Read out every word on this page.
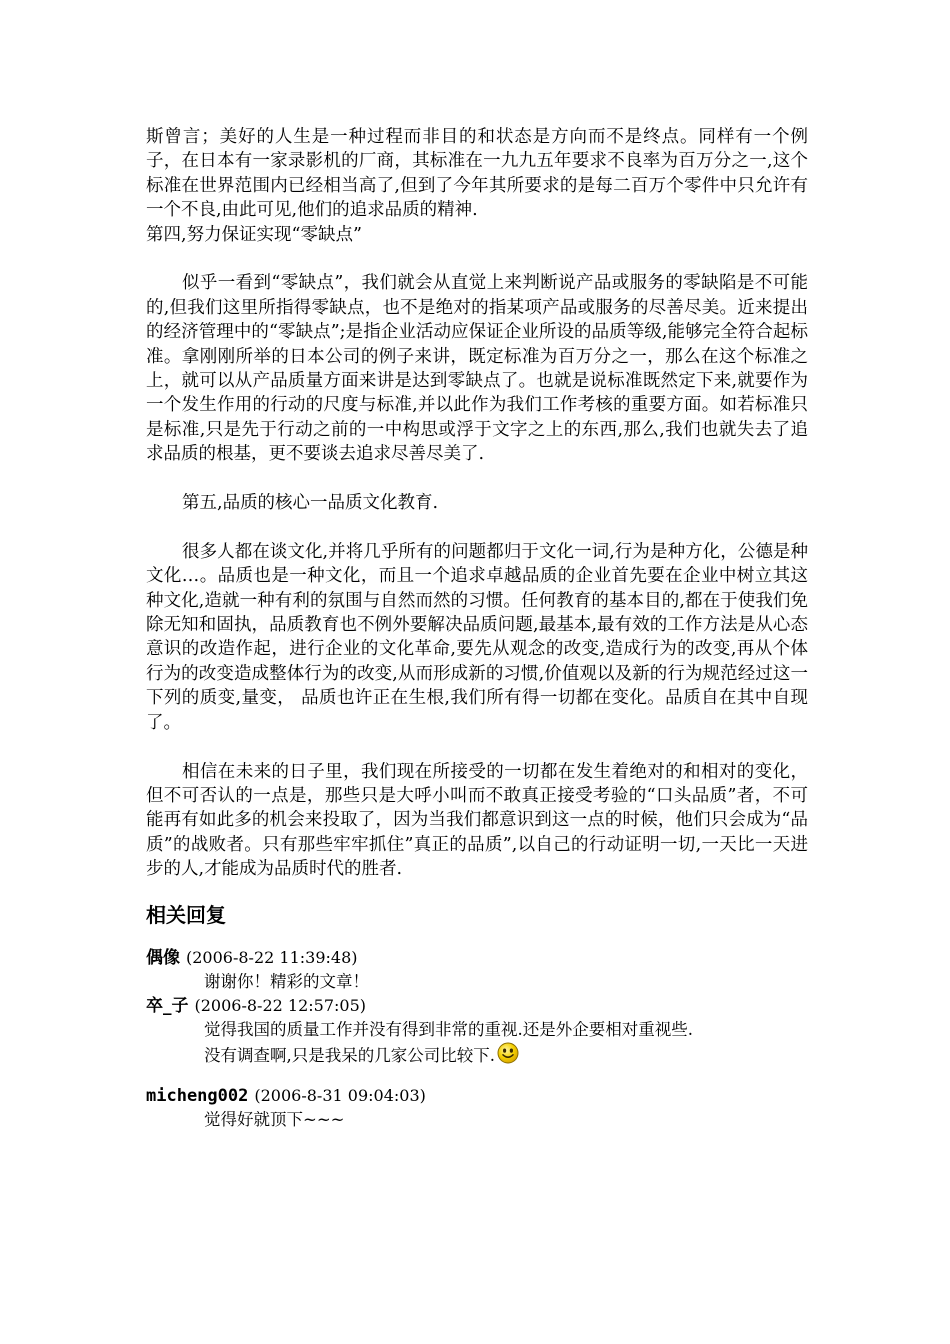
斯曾言；美好的人生是一种过程而非目的和状态是方向而不是终点。同样有一个例子，在日本有一家录影机的厂商，其标准在一九九五年要求不良率为百万分之一,这个标准在世界范围内已经相当高了,但到了今年其所要求的是每二百万个零件中只允许有一个不良,由此可见,他们的追求品质的精神.

第四,努力保证实现“零缺点”

似乎一看到“零缺点”，我们就会从直觉上来判断说产品或服务的零缺陷是不可能的,但我们这里所指得零缺点，也不是绝对的指某项产品或服务的尽善尽美。近来提出的经济管理中的“零缺点”;是指企业活动应保证企业所设的品质等级,能够完全符合起标准。拿刚刚所举的日本公司的例子来讲，既定标准为百万分之一，那么在这个标准之上，就可以从产品质量方面来讲是达到零缺点了。也就是说标准既然定下来,就要作为一个发生作用的行动的尺度与标准,并以此作为我们工作考核的重要方面。如若标准只是标准,只是先于行动之前的一中构思或浮于文字之上的东西,那么,我们也就失去了追求品质的根基，更不要谈去追求尽善尽美了.

第五,品质的核心一品质文化教育.

很多人都在谈文化,并将几乎所有的问题都归于文化一词,行为是种方化，公德是种文化…。品质也是一种文化，而且一个追求卓越品质的企业首先要在企业中树立其这种文化,造就一种有利的氛围与自然而然的习惯。任何教育的基本目的,都在于使我们免除无知和固执，品质教育也不例外要解决品质问题,最基本,最有效的工作方法是从心态意识的改造作起，进行企业的文化革命,要先从观念的改变,造成行为的改变,再从个体行为的改变造成整体行为的改变,从而形成新的习惯,价值观以及新的行为规范经过这一下列的质变,量变， 品质也许正在生根,我们所有得一切都在变化。品质自在其中自现了。

相信在未来的日子里，我们现在所接受的一切都在发生着绝对的和相对的变化，但不可否认的一点是，那些只是大呼小叫而不敢真正接受考验的“口头品质”者，不可能再有如此多的机会来投取了，因为当我们都意识到这一点的时候，他们只会成为“品质”的战败者。只有那些牢牢抓住”真正的品质”,以自己的行动证明一切,一天比一天进步的人,才能成为品质时代的胜者.

相关回复
偶像 (2006-8-22 11:39:48)
谢谢你！精彩的文章！
卒_子 (2006-8-22 12:57:05)
觉得我国的质量工作并没有得到非常的重视.还是外企要相对重视些.
没有调查啊,只是我呆的几家公司比较下.
micheng002 (2006-8-31 09:04:03)
觉得好就顶下~~~
